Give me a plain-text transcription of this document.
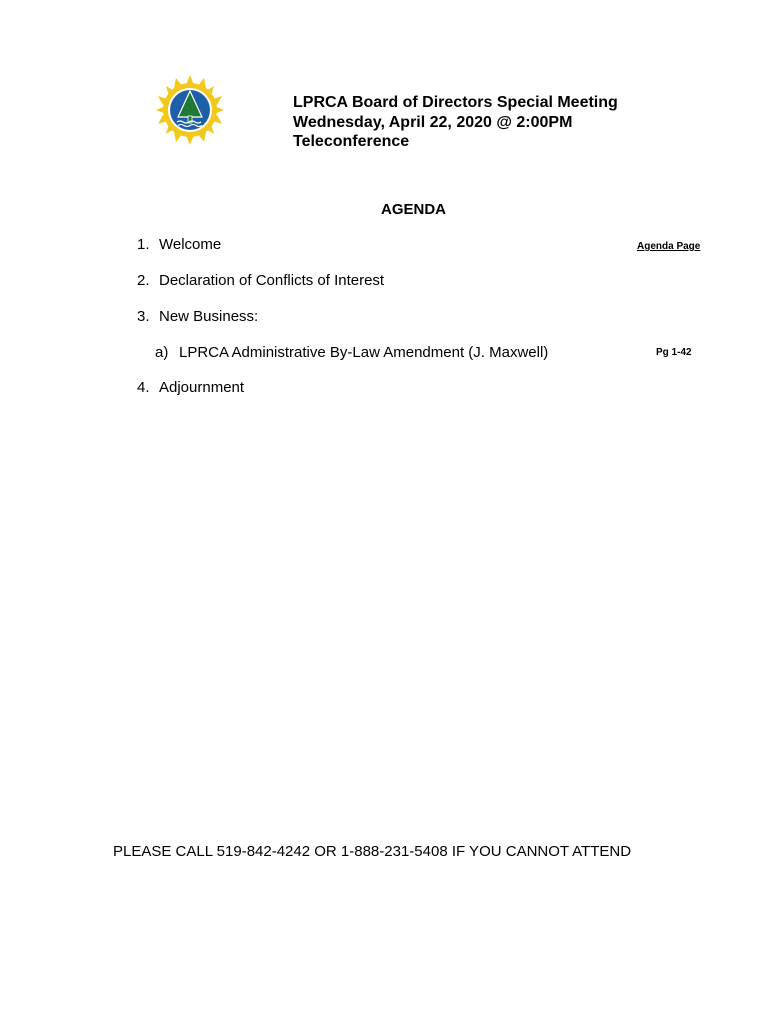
LPRCA Board of Directors Special Meeting
Wednesday, April 22, 2020 @ 2:00PM
Teleconference
AGENDA
Agenda Page
1. Welcome
2. Declaration of Conflicts of Interest
3. New Business:
a) LPRCA Administrative By-Law Amendment (J. Maxwell)	Pg 1-42
4. Adjournment
PLEASE CALL 519-842-4242 OR 1-888-231-5408 IF YOU CANNOT ATTEND
